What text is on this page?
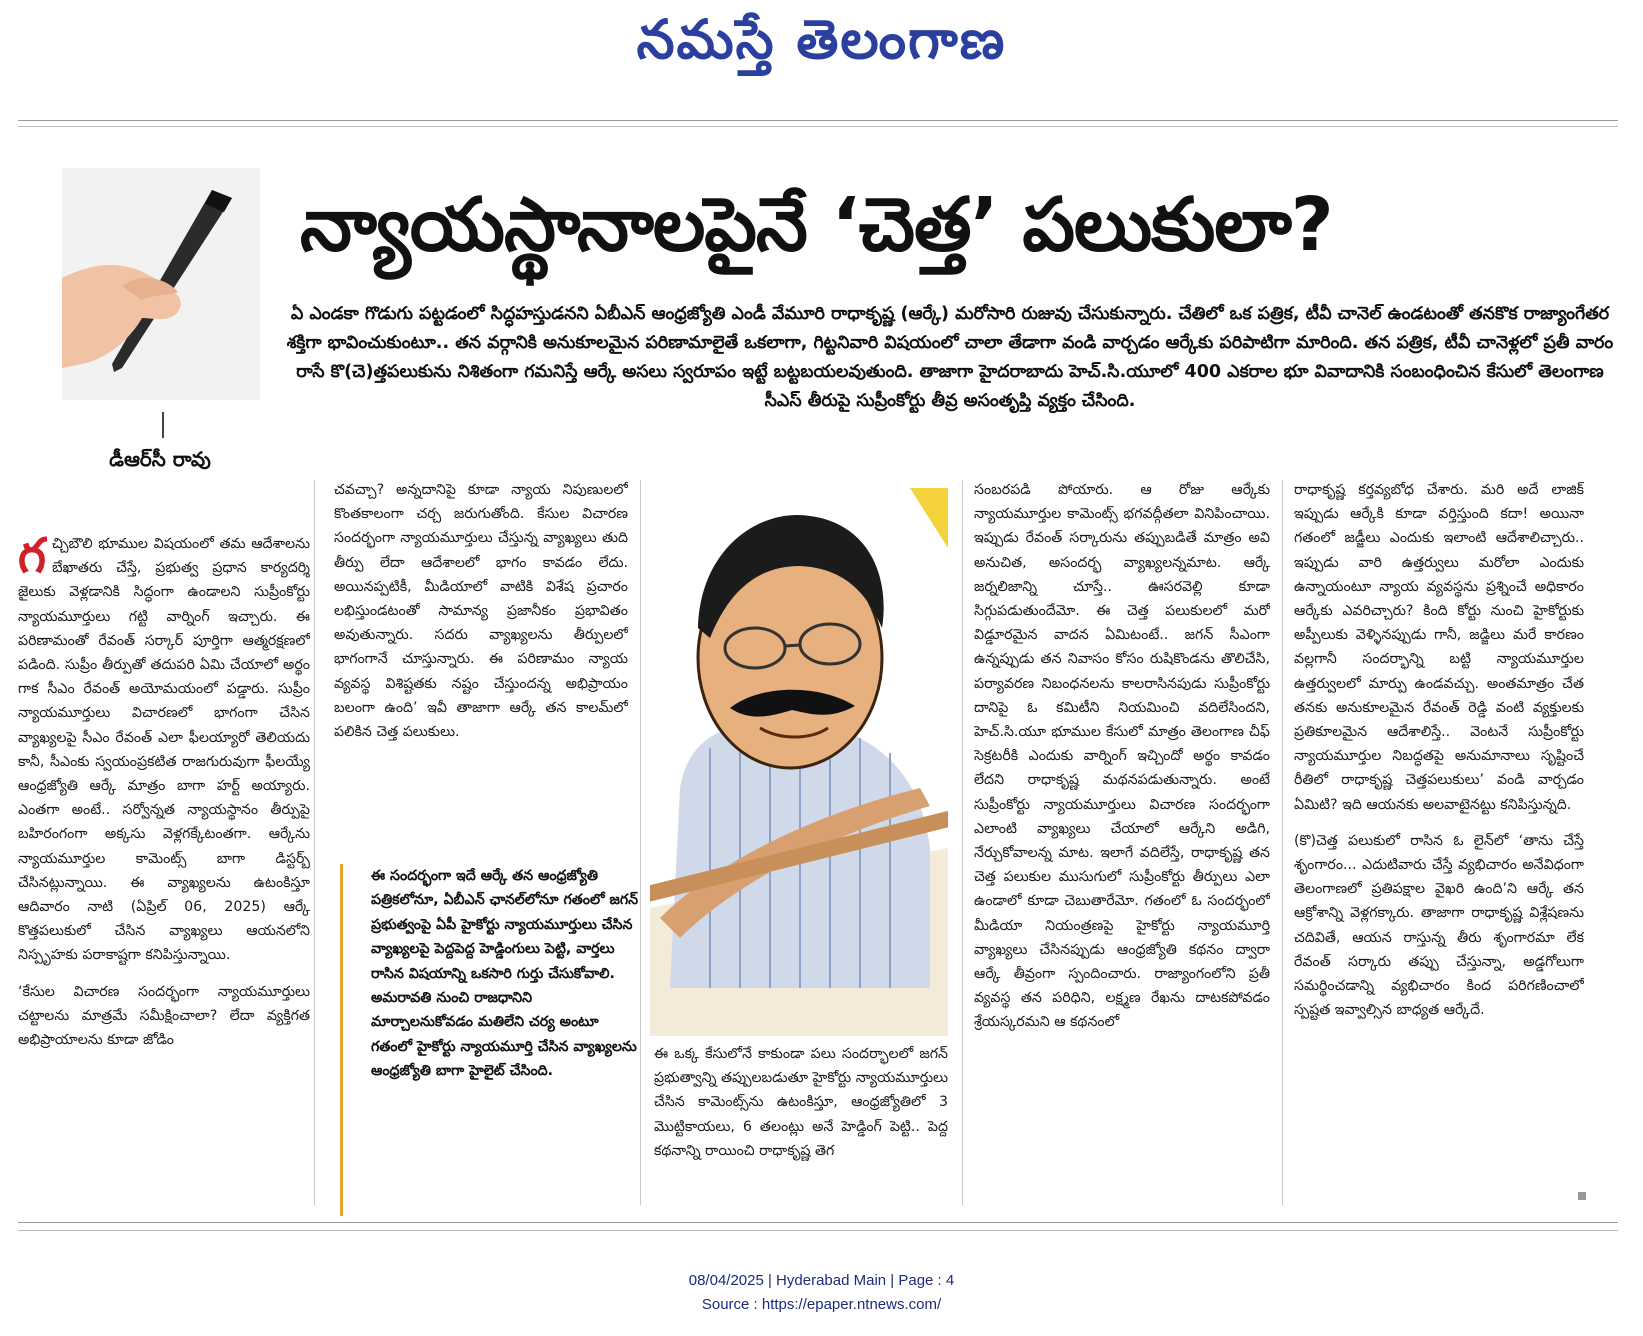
నమస్తే తెలంగాణ
డీఆర్‌సీ రావు
న్యాయస్థానాలపైనే ‘చెత్త’ పలుకులా?
ఏ ఎండకా గొడుగు పట్టడంలో సిద్ధహస్తుడనని ఏబీఎన్ ఆంధ్రజ్యోతి ఎండీ వేమూరి రాధాకృష్ణ (ఆర్కే) మరోసారి రుజువు చేసుకున్నారు. చేతిలో ఒక పత్రిక, టీవీ చానెల్ ఉండటంతో తనకొక రాజ్యాంగేతర శక్తిగా భావించుకుంటూ.. తన వర్గానికి అనుకూలమైన పరిణామాలైతే ఒకలాగా, గిట్టనివారి విషయంలో చాలా తేడాగా వండి వార్చడం ఆర్కేకు పరిపాటిగా మారింది. తన పత్రిక, టీవీ చానెళ్లలో ప్రతీ వారం రాసే కొ(చె)త్తపలుకును నిశితంగా గమనిస్తే ఆర్కే అసలు స్వరూపం ఇట్టే బట్టబయలవుతుంది. తాజాగా హైదరాబాదు హెచ్.సి.యూలో 400 ఎకరాల భూ వివాదానికి సంబంధించిన కేసులో తెలంగాణ సీఎస్ తీరుపై సుప్రీంకోర్టు తీవ్ర అసంతృప్తి వ్యక్తం చేసింది.

గచ్చిబౌలి భూముల విషయంలో తమ ఆదేశాలను బేఖాతరు చేస్తే, ప్రభుత్వ ప్రధాన కార్యదర్శి జైలుకు వెళ్లడానికి సిద్ధంగా ఉండాలని సుప్రీంకోర్టు న్యాయమూర్తులు గట్టి వార్నింగ్ ఇచ్చారు. ఈ పరిణామంతో రేవంత్ సర్కార్ పూర్తిగా ఆత్మరక్షణలో పడింది. సుప్రీం తీర్పుతో తదుపరి ఏమి చేయాలో అర్థం గాక సీఎం రేవంత్ అయోమయంలో పడ్డారు. సుప్రీం న్యాయమూర్తులు విచారణలో భాగంగా చేసిన వ్యాఖ్యలపై సీఎం రేవంత్ ఎలా ఫీలయ్యారో తెలియదు కానీ, సీఎంకు స్వయంప్రకటిత రాజగురువుగా ఫీలయ్యే ఆంధ్రజ్యోతి ఆర్కే మాత్రం బాగా హర్ట్ అయ్యారు. ఎంతగా అంటే.. సర్వోన్నత న్యాయస్థానం తీర్పుపై బహిరంగంగా అక్కసు వెళ్లగక్కేటంతగా. ఆర్కేను న్యాయమూర్తుల కామెంట్స్ బాగా డిస్టర్బ్ చేసినట్లున్నాయి. ఈ వ్యాఖ్యలను ఉటంకిస్తూ ఆదివారం నాటి (ఏప్రిల్ 06, 2025) ఆర్కే కొత్తపలుకులో చేసిన వ్యాఖ్యలు ఆయనలోని నిస్పృహకు పరాకాష్టగా కనిపిస్తున్నాయి.

‘కేసుల విచారణ సందర్భంగా న్యాయమూర్తులు చట్టాలను మాత్రమే సమీక్షించాలా? లేదా వ్యక్తిగత అభిప్రాయాలను కూడా జోడిం

చవచ్చా? అన్నదానిపై కూడా న్యాయ నిపుణులలో కొంతకాలంగా చర్చ జరుగుతోంది. కేసుల విచారణ సందర్భంగా న్యాయమూర్తులు చేస్తున్న వ్యాఖ్యలు తుది తీర్పు లేదా ఆదేశాలలో భాగం కావడం లేదు. అయినప్పటికీ, మీడియాలో వాటికి విశేష ప్రచారం లభిస్తుండటంతో సామాన్య ప్రజానీకం ప్రభావితం అవుతున్నారు. సదరు వ్యాఖ్యలను తీర్పులలో భాగంగానే చూస్తున్నారు. ఈ పరిణామం న్యాయ వ్యవస్థ విశిష్టతకు నష్టం చేస్తుందన్న అభిప్రాయం బలంగా ఉంది’ ఇవీ తాజాగా ఆర్కే తన కాలమ్‌లో పలికిన చెత్త పలుకులు.

ఈ సందర్భంగా ఇదే ఆర్కే తన ఆంధ్రజ్యోతి పత్రికలోనూ, ఏబీఎన్ ఛానల్‌లోనూ గతంలో జగన్ ప్రభుత్వంపై ఏపీ హైకోర్టు న్యాయమూర్తులు చేసిన వ్యాఖ్యలపై పెద్దపెద్ద హెడ్డింగులు పెట్టి, వార్తలు రాసిన విషయాన్ని ఒకసారి గుర్తు చేసుకోవాలి. అమరావతి నుంచి రాజధానిని మార్చాలనుకోవడం మతిలేని చర్య అంటూ గతంలో హైకోర్టు న్యాయమూర్తి చేసిన వ్యాఖ్యలను ఆంధ్రజ్యోతి బాగా హైలైట్ చేసింది.

ఈ ఒక్క కేసులోనే కాకుండా పలు సందర్భాలలో జగన్ ప్రభుత్వాన్ని తప్పులబడుతూ హైకోర్టు న్యాయమూర్తులు చేసిన కామెంట్స్‌ను ఉటంకిస్తూ, ఆంధ్రజ్యోతిలో 3 మొట్టికాయలు, 6 తలంట్లు అనే హెడ్డింగ్ పెట్టి.. పెద్ద కథనాన్ని రాయించి రాధాకృష్ణ తెగ

సంబరపడి పోయారు. ఆ రోజు ఆర్కేకు న్యాయమూర్తుల కామెంట్స్ భగవద్గీతలా వినిపించాయి. ఇప్పుడు రేవంత్ సర్కారును తప్పుబడితే మాత్రం అవి అనుచిత, అసందర్భ వ్యాఖ్యలన్నమాట. ఆర్కే జర్నలిజాన్ని చూస్తే.. ఊసరవెల్లి కూడా సిగ్గుపడుతుందేమో. ఈ చెత్త పలుకులలో మరో విడ్డూరమైన వాదన ఏమిటంటే.. జగన్ సీఎంగా ఉన్నప్పుడు తన నివాసం కోసం రుషికొండను తొలిచేసి, పర్యావరణ నిబంధనలను కాలరాసినపుడు సుప్రీంకోర్టు దానిపై ఓ కమిటీని నియమించి వదిలేసిందని, హెచ్.సి.యూ భూముల కేసులో మాత్రం తెలంగాణ చీఫ్ సెక్రటరీకి ఎందుకు వార్నింగ్ ఇచ్చిందో అర్థం కావడం లేదని రాధాకృష్ణ మథనపడుతున్నారు. అంటే సుప్రీంకోర్టు న్యాయమూర్తులు విచారణ సందర్భంగా ఎలాంటి వ్యాఖ్యలు చేయాలో ఆర్కేని అడిగి, నేర్చుకోవాలన్న మాట. ఇలాగే వదిలేస్తే, రాధాకృష్ణ తన చెత్త పలుకుల ముసుగులో సుప్రీంకోర్టు తీర్పులు ఎలా ఉండాలో కూడా చెబుతారేమో. గతంలో ఓ సందర్భంలో మీడియా నియంత్రణపై హైకోర్టు న్యాయమూర్తి వ్యాఖ్యలు చేసినప్పుడు ఆంధ్రజ్యోతి కథనం ద్వారా ఆర్కే తీవ్రంగా స్పందించారు. రాజ్యాంగంలోని ప్రతీ వ్యవస్థ తన పరిధిని, లక్ష్మణ రేఖను దాటకపోవడం శ్రేయస్కరమని ఆ కథనంలో

రాధాకృష్ణ కర్తవ్యబోధ చేశారు. మరి అదే లాజిక్ ఇప్పుడు ఆర్కేకి కూడా వర్తిస్తుంది కదా! అయినా గతంలో జడ్జీలు ఎందుకు ఇలాంటి ఆదేశాలిచ్చారు.. ఇప్పుడు వారి ఉత్తర్వులు మరోలా ఎందుకు ఉన్నాయంటూ న్యాయ వ్యవస్థను ప్రశ్నించే అధికారం ఆర్కేకు ఎవరిచ్చారు? కింది కోర్టు నుంచి హైకోర్టుకు అప్పీలుకు వెళ్ళినప్పుడు గానీ, జడ్జిలు మరే కారణం వల్లగానీ సందర్భాన్ని బట్టి న్యాయమూర్తుల ఉత్తర్వులలో మార్పు ఉండవచ్చు. అంతమాత్రం చేత తనకు అనుకూలమైన రేవంత్ రెడ్డి వంటి వ్యక్తులకు ప్రతికూలమైన ఆదేశాలిస్తే.. వెంటనే సుప్రీంకోర్టు న్యాయమూర్తుల నిబద్ధతపై అనుమానాలు సృష్టించే రీతిలో రాధాకృష్ణ చెత్తపలుకులు’ వండి వార్చడం ఏమిటి? ఇది ఆయనకు అలవాటైనట్టు కనిపిస్తున్నది.

(కొ)చెత్త పలుకులో రాసిన ఓ లైన్‌లో ‘తాను చేస్తే శృంగారం... ఎదుటివారు చేస్తే వ్యభిచారం అనేవిధంగా తెలంగాణలో ప్రతిపక్షాల వైఖరి ఉంది’ని ఆర్కే తన ఆక్రోశాన్ని వెళ్లగక్కారు. తాజాగా రాధాకృష్ణ విశ్లేషణను చదివితే, ఆయన రాస్తున్న తీరు శృంగారమా లేక రేవంత్ సర్కారు తప్పు చేస్తున్నా, అడ్డగోలుగా సమర్థించడాన్ని వ్యభిచారం కింద పరిగణించాలో స్పష్టత ఇవ్వాల్సిన బాధ్యత ఆర్కేదే.

08/04/2025 | Hyderabad Main | Page : 4
Source : https://epaper.ntnews.com/
